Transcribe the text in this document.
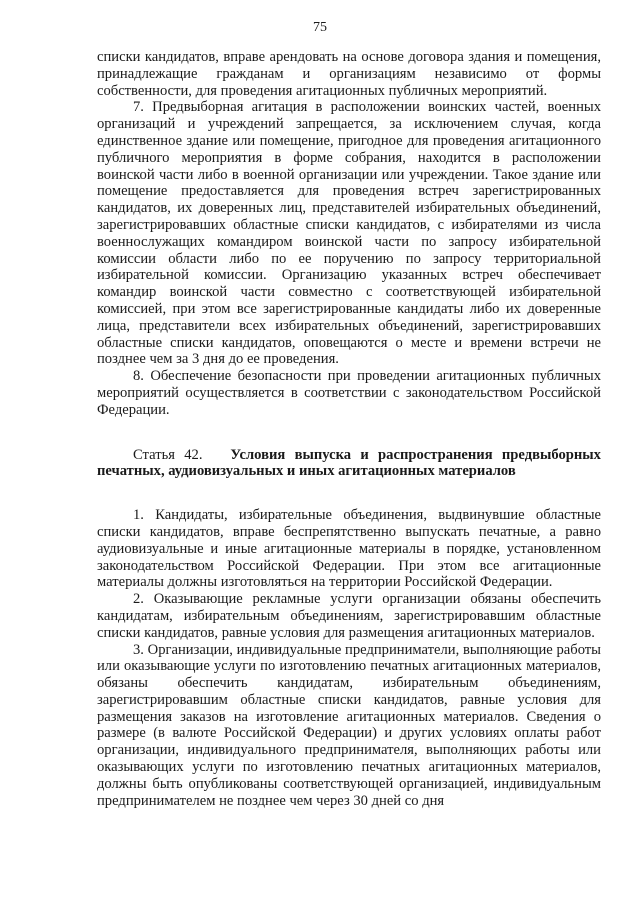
75

списки кандидатов, вправе арендовать на основе договора здания и помещения, принадлежащие гражданам и организациям независимо от формы собственности, для проведения агитационных публичных мероприятий.

7. Предвыборная агитация в расположении воинских частей, военных организаций и учреждений запрещается, за исключением случая, когда единственное здание или помещение, пригодное для проведения агитационного публичного мероприятия в форме собрания, находится в расположении воинской части либо в военной организации или учреждении. Такое здание или помещение предоставляется для проведения встреч зарегистрированных кандидатов, их доверенных лиц, представителей избирательных объединений, зарегистрировавших областные списки кандидатов, с избирателями из числа военнослужащих командиром воинской части по запросу избирательной комиссии области либо по ее поручению по запросу территориальной избирательной комиссии. Организацию указанных встреч обеспечивает командир воинской части совместно с соответствующей избирательной комиссией, при этом все зарегистрированные кандидаты либо их доверенные лица, представители всех избирательных объединений, зарегистрировавших областные списки кандидатов, оповещаются о месте и времени встречи не позднее чем за 3 дня до ее проведения.

8. Обеспечение безопасности при проведении агитационных публичных мероприятий осуществляется в соответствии с законодательством Российской Федерации.

Статья 42. Условия выпуска и распространения предвыборных печатных, аудиовизуальных и иных агитационных материалов

1. Кандидаты, избирательные объединения, выдвинувшие областные списки кандидатов, вправе беспрепятственно выпускать печатные, а равно аудиовизуальные и иные агитационные материалы в порядке, установленном законодательством Российской Федерации. При этом все агитационные материалы должны изготовляться на территории Российской Федерации.

2. Оказывающие рекламные услуги организации обязаны обеспечить кандидатам, избирательным объединениям, зарегистрировавшим областные списки кандидатов, равные условия для размещения агитационных материалов.

3. Организации, индивидуальные предприниматели, выполняющие работы или оказывающие услуги по изготовлению печатных агитационных материалов, обязаны обеспечить кандидатам, избирательным объединениям, зарегистрировавшим областные списки кандидатов, равные условия для размещения заказов на изготовление агитационных материалов. Сведения о размере (в валюте Российской Федерации) и других условиях оплаты работ организации, индивидуального предпринимателя, выполняющих работы или оказывающих услуги по изготовлению печатных агитационных материалов, должны быть опубликованы соответствующей организацией, индивидуальным предпринимателем не позднее чем через 30 дней со дня
